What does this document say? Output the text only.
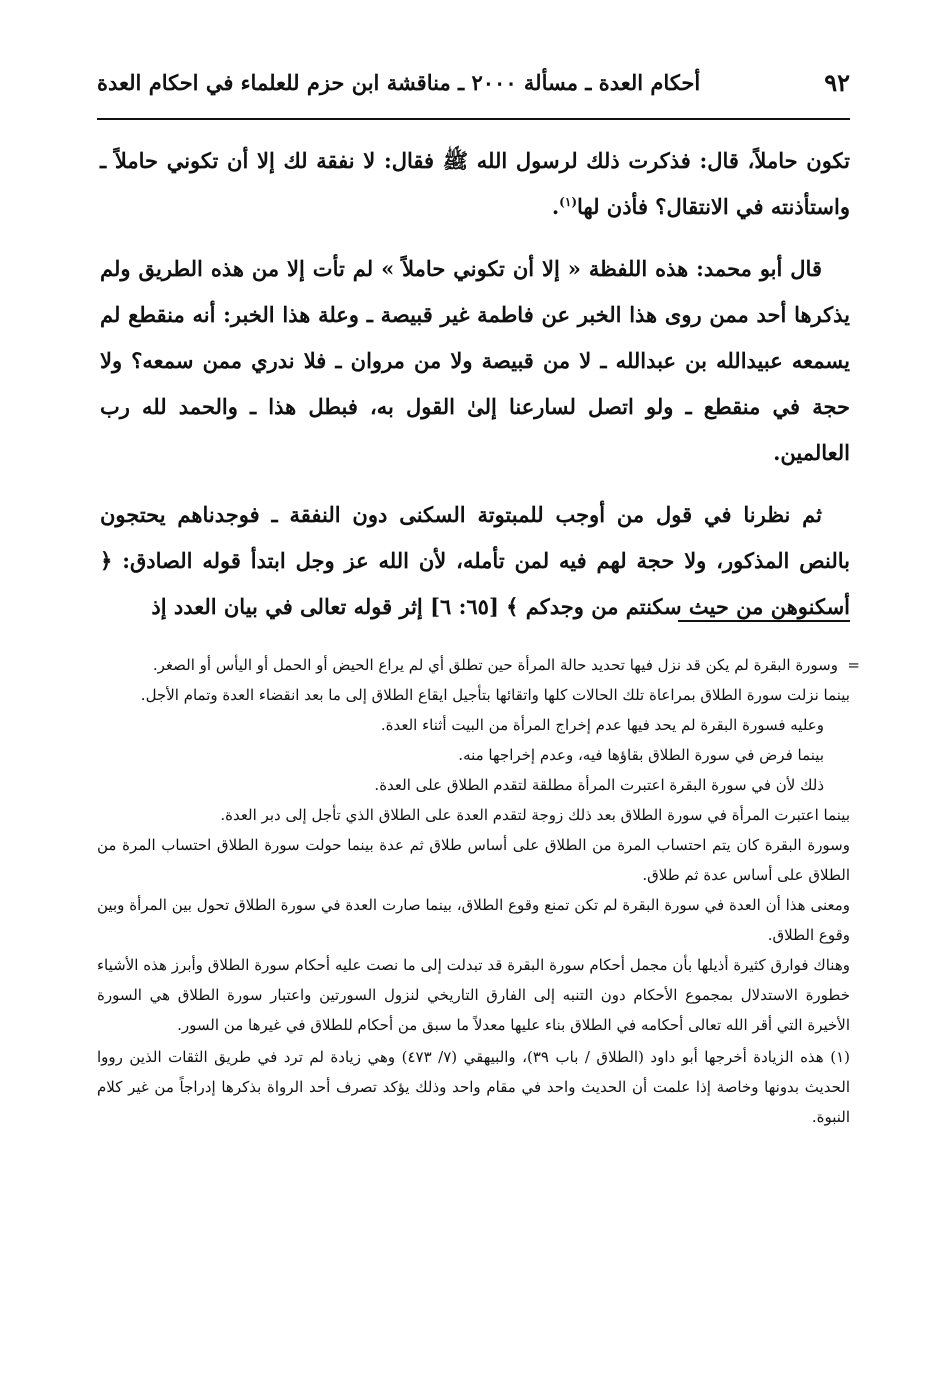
٩٢
أحكام العدة ـ مسألة ٢٠٠٠ ـ مناقشة ابن حزم للعلماء في احكام العدة

تكون حاملاً، قال: فذكرت ذلك لرسول الله ﷺ فقال: لا نفقة لك إلا أن تكوني حاملاً ـ واستأذنته في الانتقال؟ فأذن لها$^{(١)}$.

قال أبو محمد: هذه اللفظة « إلا أن تكوني حاملاً » لم تأت إلا من هذه الطريق ولم يذكرها أحد ممن روى هذا الخبر عن فاطمة غير قبيصة ـ وعلة هذا الخبر: أنه منقطع لم يسمعه عبيدالله بن عبدالله ـ لا من قبيصة ولا من مروان ـ فلا ندري ممن سمعه؟ ولا حجة في منقطع ـ ولو اتصل لسارعنا إلىٰ القول به، فبطل هذا ـ والحمد لله رب العالمين.

ثم نظرنا في قول من أوجب للمبتوتة السكنى دون النفقة ـ فوجدناهم يحتجون بالنص المذكور، ولا حجة لهم فيه لمن تأمله، لأن الله عز وجل ابتدأ قوله الصادق: ﴿ أسكنوهن من حيث سكنتم من وجدكم ﴾ [٦٥: ٦] إثر قوله تعالى في بيان العدد إذ

=
وسورة البقرة لم يكن قد نزل فيها تحديد حالة المرأة حين تطلق أي لم يراع الحيض أو الحمل أو اليأس أو الصغر.
بينما نزلت سورة الطلاق بمراعاة تلك الحالات كلها واتقائها بتأجيل ايقاع الطلاق إلى ما بعد انقضاء العدة وتمام الأجل.
وعليه فسورة البقرة لم يحد فيها عدم إخراج المرأة من البيت أثناء العدة.
بينما فرض في سورة الطلاق بقاؤها فيه، وعدم إخراجها منه.
ذلك لأن في سورة البقرة اعتبرت المرأة مطلقة لتقدم الطلاق على العدة.
بينما اعتبرت المرأة في سورة الطلاق بعد ذلك زوجة لتقدم العدة على الطلاق الذي تأجل إلى دبر العدة.
وسورة البقرة كان يتم احتساب المرة من الطلاق على أساس طلاق ثم عدة بينما حولت سورة الطلاق احتساب المرة من الطلاق على أساس عدة ثم طلاق.
ومعنى هذا أن العدة في سورة البقرة لم تكن تمنع وقوع الطلاق، بينما صارت العدة في سورة الطلاق تحول بين المرأة وبين وقوع الطلاق.
وهناك فوارق كثيرة أذيلها بأن مجمل أحكام سورة البقرة قد تبدلت إلى ما نصت عليه أحكام سورة الطلاق وأبرز هذه الأشياء خطورة الاستدلال بمجموع الأحكام دون التنبه إلى الفارق التاريخي لنزول السورتين واعتبار سورة الطلاق هي السورة الأخيرة التي أقر الله تعالى أحكامه في الطلاق بناء عليها معدلاً ما سبق من أحكام للطلاق في غيرها من السور.
(١) هذه الزيادة أخرجها أبو داود (الطلاق / باب ٣٩)، والبيهقي (٧/ ٤٧٣) وهي زيادة لم ترد في طريق الثقات الذين رووا الحديث بدونها وخاصة إذا علمت أن الحديث واحد في مقام واحد وذلك يؤكد تصرف أحد الرواة بذكرها إدراجاً من غير كلام النبوة.
